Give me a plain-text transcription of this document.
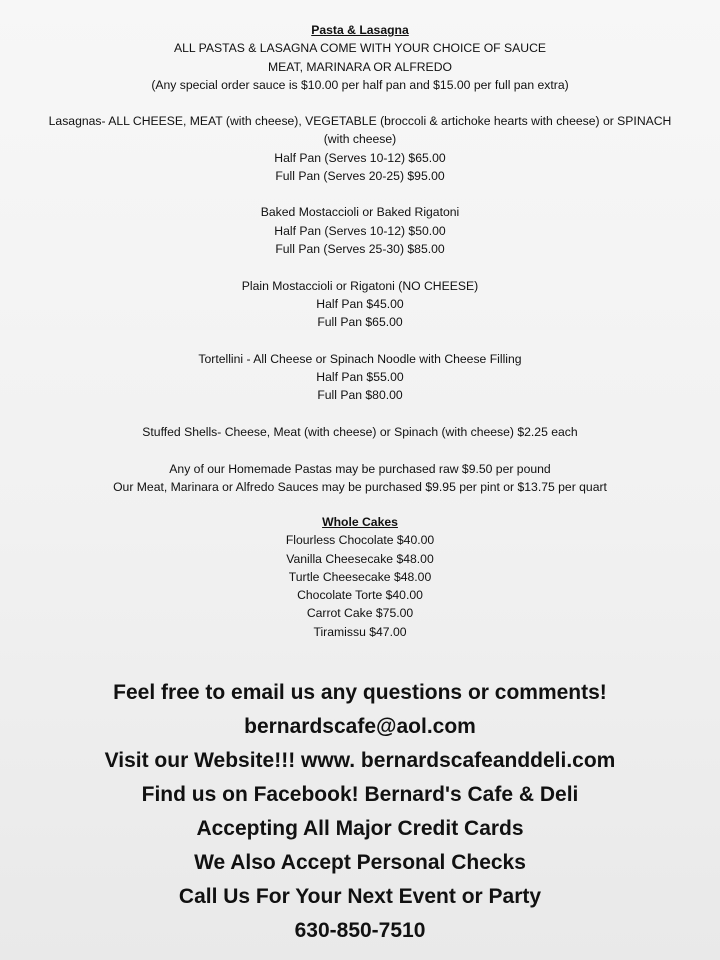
Pasta & Lasagna
ALL PASTAS & LASAGNA COME WITH YOUR CHOICE OF SAUCE
MEAT, MARINARA OR ALFREDO
(Any special order sauce is $10.00 per half pan and $15.00 per full pan extra)
Lasagnas- ALL CHEESE, MEAT (with cheese), VEGETABLE (broccoli & artichoke hearts with cheese) or SPINACH
(with cheese)
Half Pan (Serves 10-12) $65.00
Full Pan (Serves 20-25) $95.00
Baked Mostaccioli or Baked Rigatoni
Half Pan (Serves 10-12) $50.00
Full Pan (Serves 25-30) $85.00
Plain Mostaccioli or Rigatoni (NO CHEESE)
Half Pan $45.00
Full Pan $65.00
Tortellini - All Cheese or Spinach Noodle with Cheese Filling
Half Pan $55.00
Full Pan $80.00
Stuffed Shells- Cheese, Meat (with cheese) or Spinach (with cheese) $2.25 each
Any of our Homemade Pastas may be purchased raw $9.50 per pound
Our Meat, Marinara or Alfredo Sauces may be purchased $9.95 per pint or $13.75 per quart
Whole Cakes
Flourless Chocolate $40.00
Vanilla Cheesecake $48.00
Turtle Cheesecake $48.00
Chocolate Torte $40.00
Carrot Cake $75.00
Tiramissu $47.00
Feel free to email us any questions or comments!
bernardscafe@aol.com
Visit our Website!!! www. bernardscafeanddeli.com
Find us on Facebook! Bernard's Cafe & Deli
Accepting All Major Credit Cards
We Also Accept Personal Checks
Call Us For Your Next Event or Party
630-850-7510
